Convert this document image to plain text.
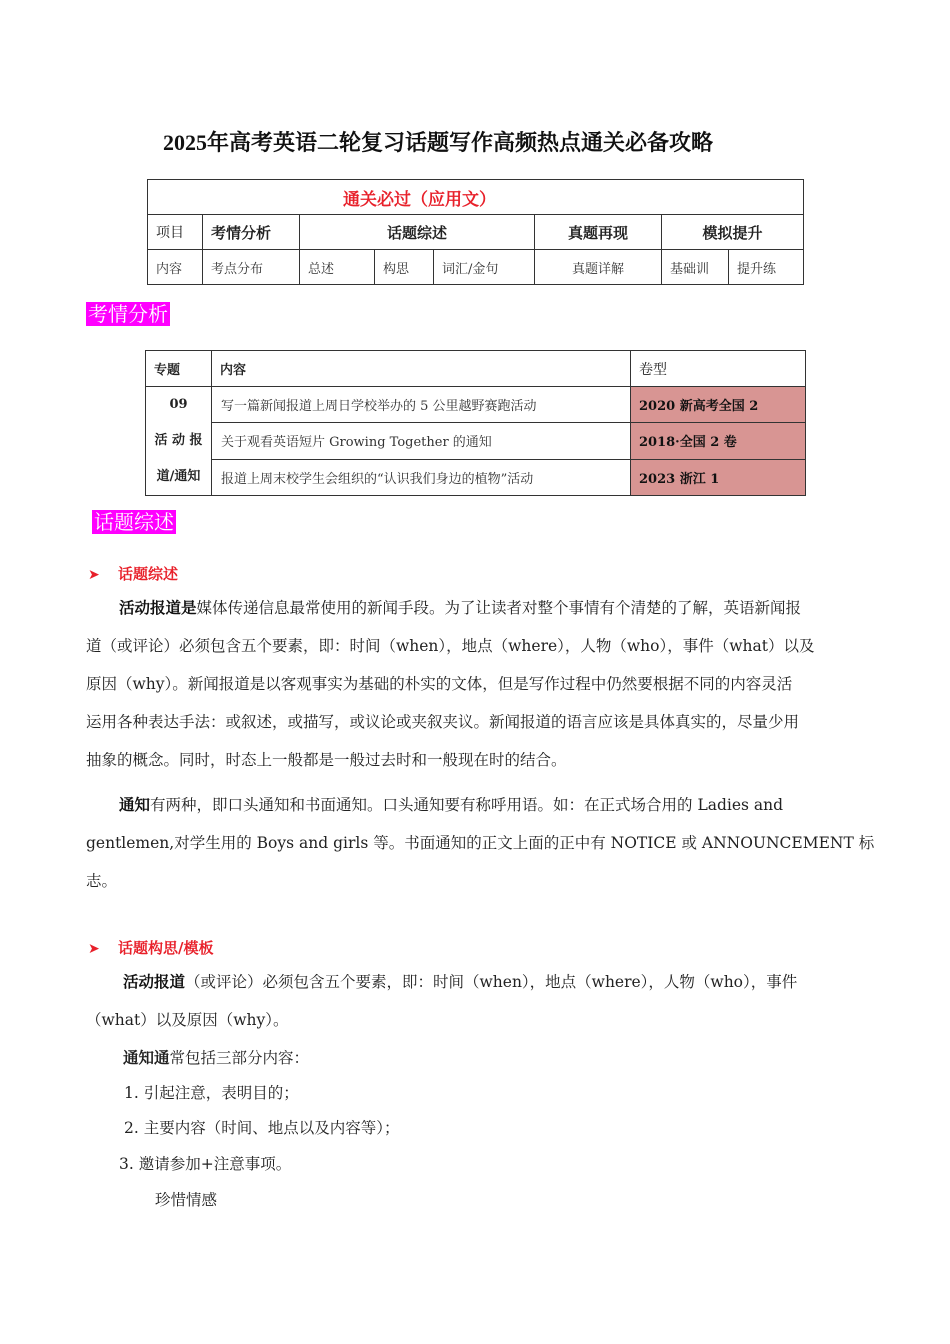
2025年高考英语二轮复习话题写作高频热点通关必备攻略
通关必过（应用文）							
项目	考情分析	话题综述			真题再现	模拟提升	
内容	考点分布	总述	构思	词汇/金句	真题详解	基础训	提升练
考情分析
专题	内容	卷型

09
活 动 报
道/通知	写一篇新闻报道上周日学校举办的 5 公里越野赛跑活动	2020 新高考全国 2
	关于观看英语短片 Growing Together 的通知	2018·全国 2 卷
	报道上周末校学生会组织的“认识我们身边的植物”活动	2023 浙江 1
话题综述
➤ 话题综述
活动报道是媒体传递信息最常使用的新闻手段。为了让读者对整个事情有个清楚的了解，英语新闻报
道（或评论）必须包含五个要素，即：时间（when），地点（where），人物（who），事件（what）以及
原因（why）。新闻报道是以客观事实为基础的朴实的文体，但是写作过程中仍然要根据不同的内容灵活
运用各种表达手法：或叙述，或描写，或议论或夹叙夹议。新闻报道的语言应该是具体真实的，尽量少用
抽象的概念。同时，时态上一般都是一般过去时和一般现在时的结合。
通知有两种，即口头通知和书面通知。口头通知要有称呼用语。如：在正式场合用的 Ladies and
gentlemen,对学生用的 Boys and girls 等。书面通知的正文上面的正中有 NOTICE 或 ANNOUNCEMENT 标
志。
➤ 话题构思/模板
活动报道（或评论）必须包含五个要素，即：时间（when），地点（where），人物（who），事件
（what）以及原因（why）。
通知通常包括三部分内容：
1. 引起注意，表明目的；
2. 主要内容（时间、地点以及内容等）；
3. 邀请参加+注意事项。
珍惜情感
